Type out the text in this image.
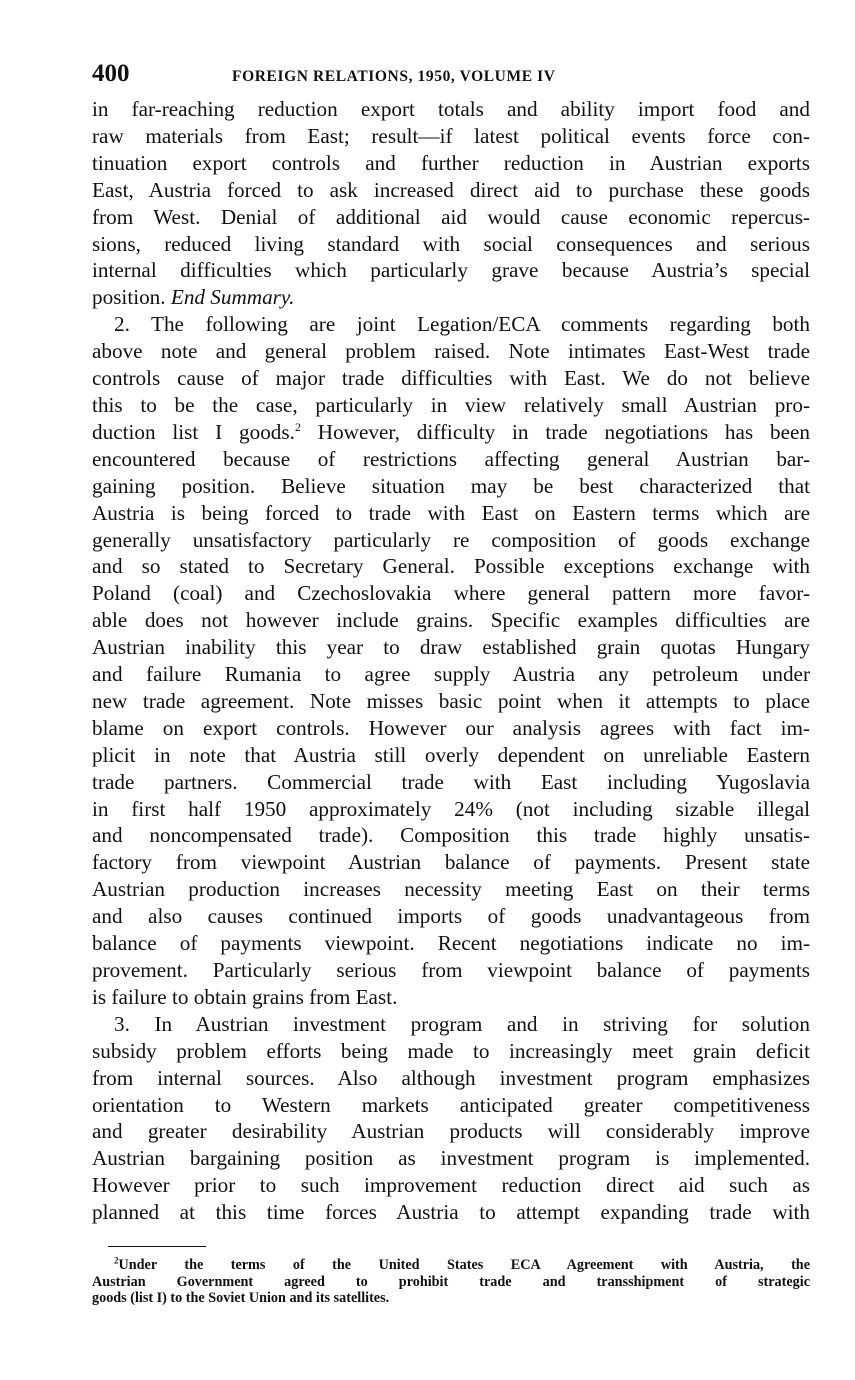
400	FOREIGN RELATIONS, 1950, VOLUME IV
in far-reaching reduction export totals and ability import food and
raw materials from East; result—if latest political events force con-
tinuation export controls and further reduction in Austrian exports
East, Austria forced to ask increased direct aid to purchase these goods
from West. Denial of additional aid would cause economic repercus-
sions, reduced living standard with social consequences and serious
internal difficulties which particularly grave because Austria’s special
position. End Summary.
2. The following are joint Legation/ECA comments regarding both
above note and general problem raised. Note intimates East-West trade
controls cause of major trade difficulties with East. We do not believe
this to be the case, particularly in view relatively small Austrian pro-
duction list I goods.$^2$ However, difficulty in trade negotiations has been
encountered because of restrictions affecting general Austrian bar-
gaining position. Believe situation may be best characterized that
Austria is being forced to trade with East on Eastern terms which are
generally unsatisfactory particularly re composition of goods exchange
and so stated to Secretary General. Possible exceptions exchange with
Poland (coal) and Czechoslovakia where general pattern more favor-
able does not however include grains. Specific examples difficulties are
Austrian inability this year to draw established grain quotas Hungary
and failure Rumania to agree supply Austria any petroleum under
new trade agreement. Note misses basic point when it attempts to place
blame on export controls. However our analysis agrees with fact im-
plicit in note that Austria still overly dependent on unreliable Eastern
trade partners. Commercial trade with East including Yugoslavia
in first half 1950 approximately 24% (not including sizable illegal
and noncompensated trade). Composition this trade highly unsatis-
factory from viewpoint Austrian balance of payments. Present state
Austrian production increases necessity meeting East on their terms
and also causes continued imports of goods unadvantageous from
balance of payments viewpoint. Recent negotiations indicate no im-
provement. Particularly serious from viewpoint balance of payments
is failure to obtain grains from East.
3. In Austrian investment program and in striving for solution
subsidy problem efforts being made to increasingly meet grain deficit
from internal sources. Also although investment program emphasizes
orientation to Western markets anticipated greater competitiveness
and greater desirability Austrian products will considerably improve
Austrian bargaining position as investment program is implemented.
However prior to such improvement reduction direct aid such as
planned at this time forces Austria to attempt expanding trade with
$^2$Under the terms of the United States ECA Agreement with Austria, the
Austrian Government agreed to prohibit trade and transshipment of strategic
goods (list I) to the Soviet Union and its satellites.
